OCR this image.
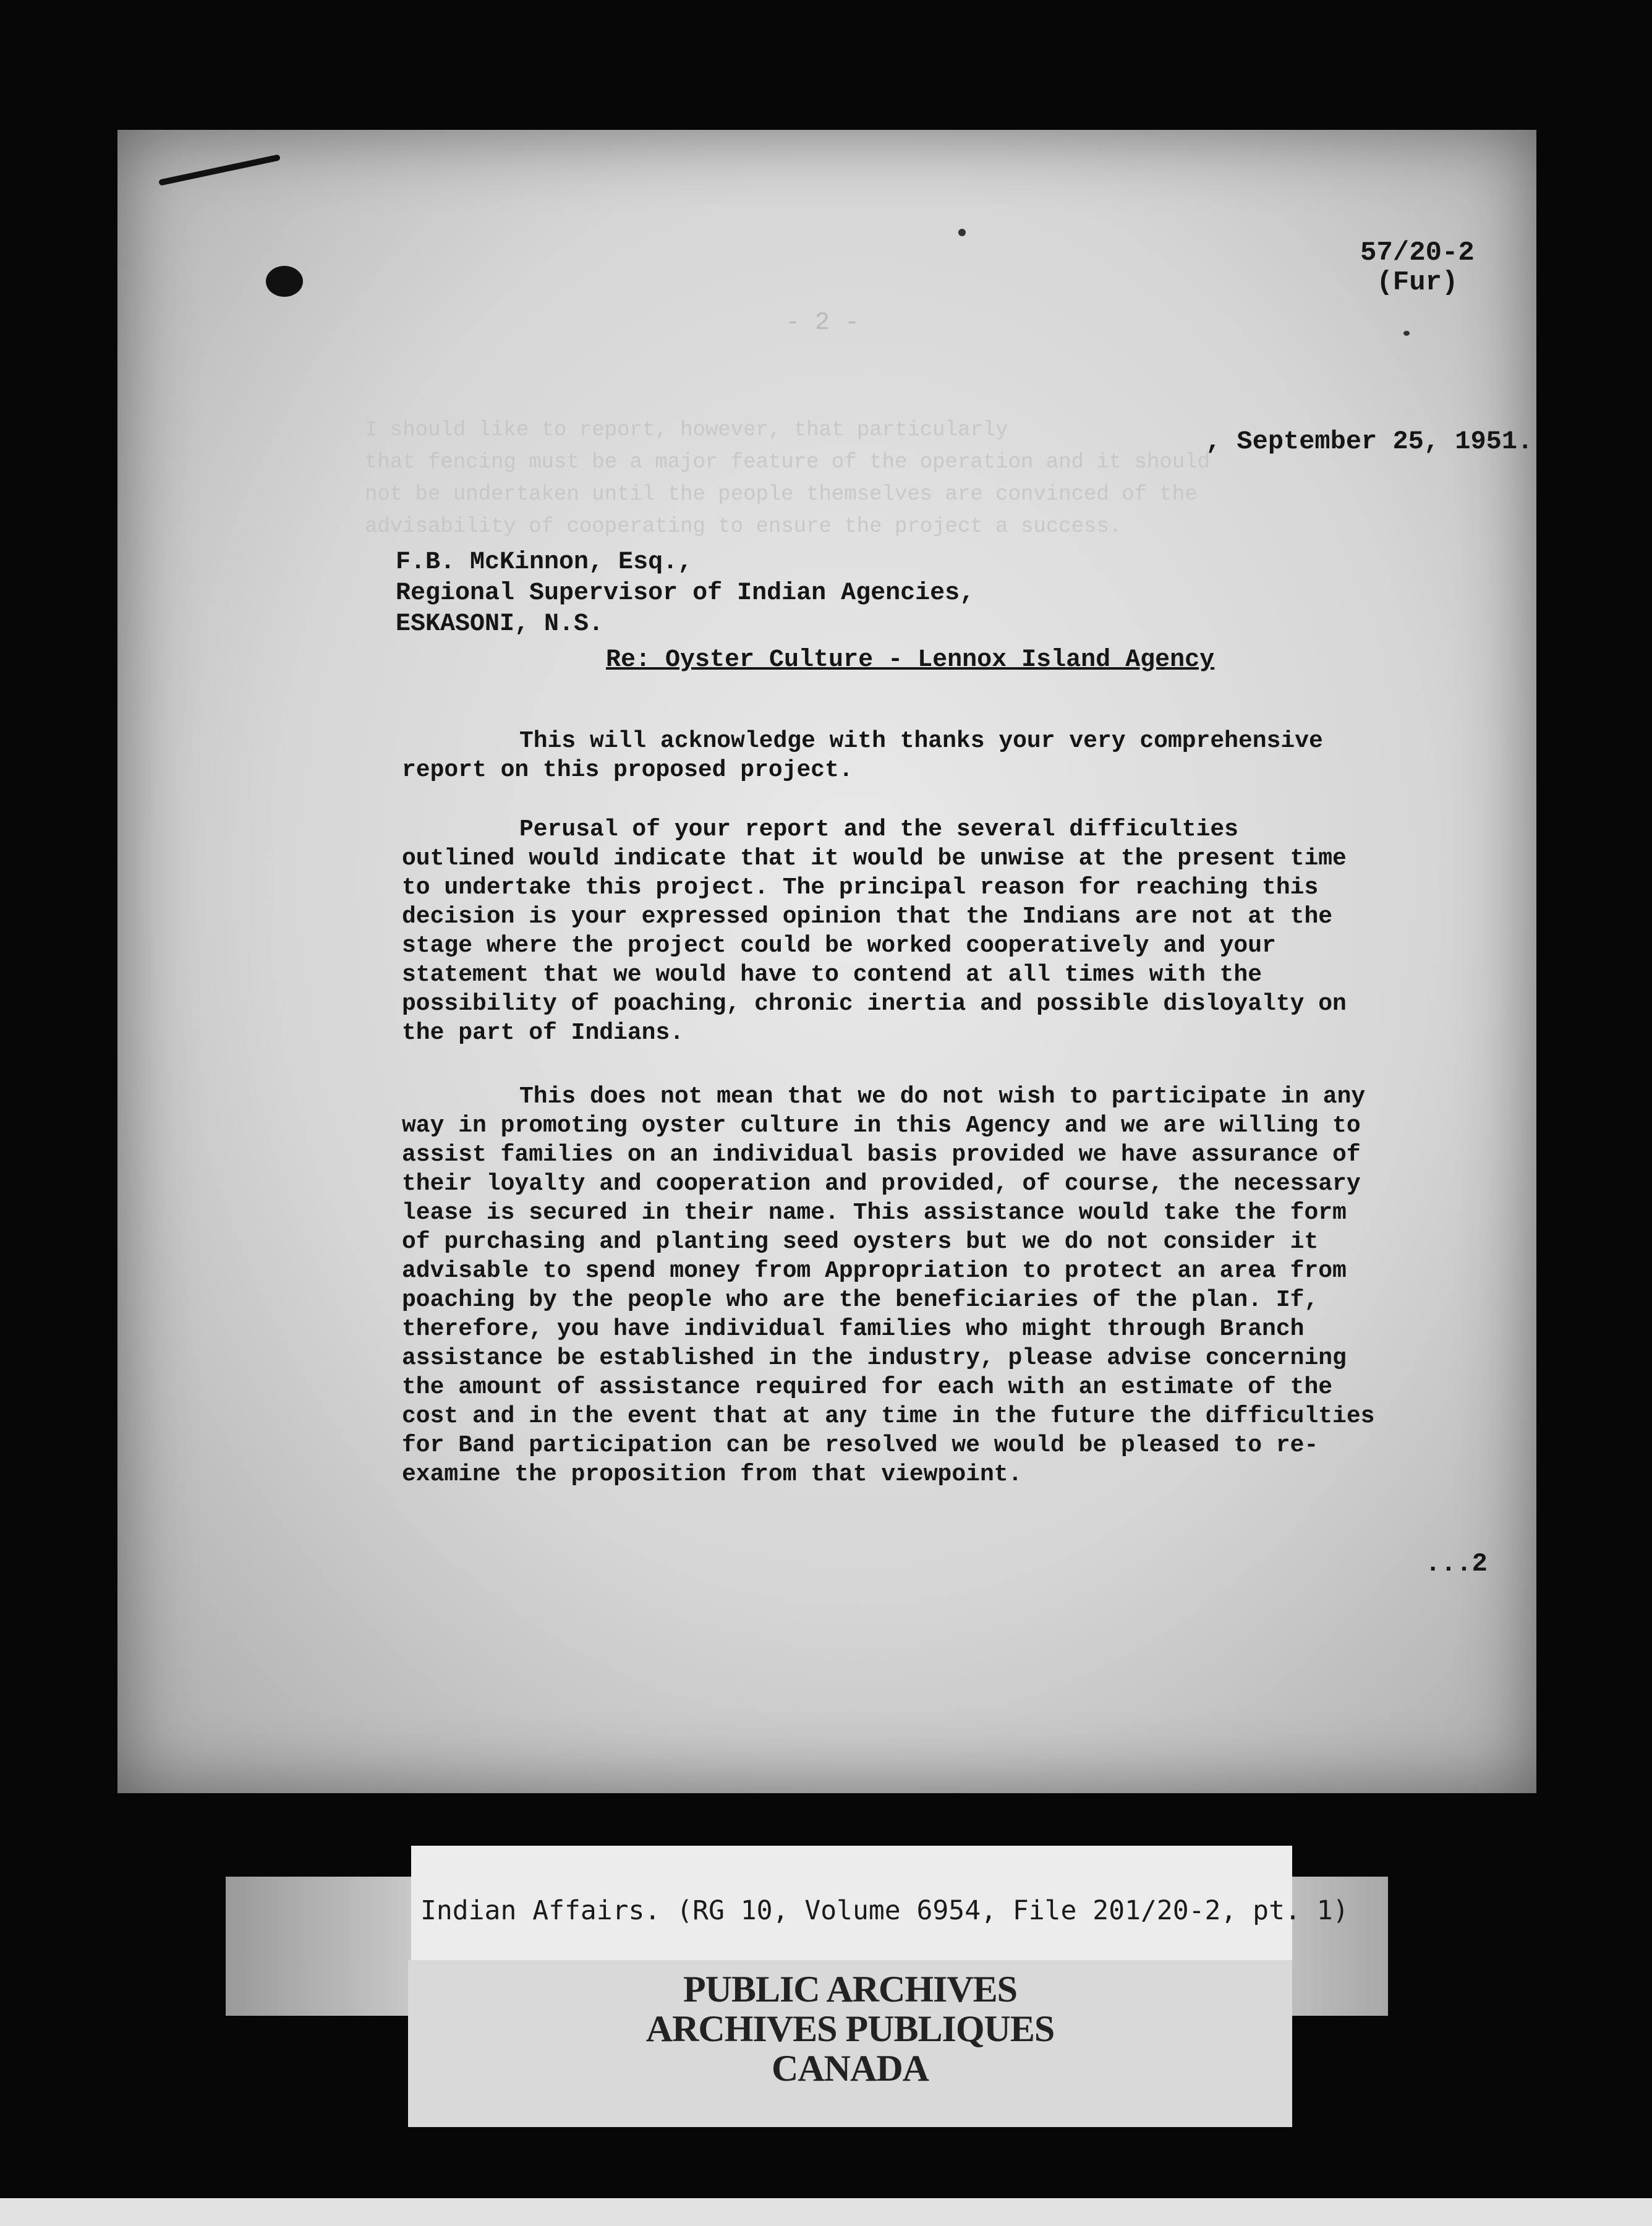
57/20-2
(Fur)
- 2 -
I should like to report, however, that particularly
that fencing must be a major feature of the operation and it should
not be undertaken until the people themselves are convinced of the
advisability of cooperating to ensure the project a success.
, September 25, 1951.
F.B. McKinnon, Esq.,
Regional Supervisor of Indian Agencies,
ESKASONI, N.S.
Re: Oyster Culture - Lennox Island Agency
This will acknowledge with thanks your very comprehensive
report on this proposed project.
Perusal of your report and the several difficulties
outlined would indicate that it would be unwise at the present time
to undertake this project. The principal reason for reaching this
decision is your expressed opinion that the Indians are not at the
stage where the project could be worked cooperatively and your
statement that we would have to contend at all times with the
possibility of poaching, chronic inertia and possible disloyalty on
the part of Indians.
This does not mean that we do not wish to participate in any
way in promoting oyster culture in this Agency and we are willing to
assist families on an individual basis provided we have assurance of
their loyalty and cooperation and provided, of course, the necessary
lease is secured in their name. This assistance would take the form
of purchasing and planting seed oysters but we do not consider it
advisable to spend money from Appropriation to protect an area from
poaching by the people who are the beneficiaries of the plan. If,
therefore, you have individual families who might through Branch
assistance be established in the industry, please advise concerning
the amount of assistance required for each with an estimate of the
cost and in the event that at any time in the future the difficulties
for Band participation can be resolved we would be pleased to re-
examine the proposition from that viewpoint.
...2
Indian Affairs. (RG 10, Volume 6954, File 201/20-2, pt. 1)
PUBLIC ARCHIVES
ARCHIVES PUBLIQUES
CANADA
